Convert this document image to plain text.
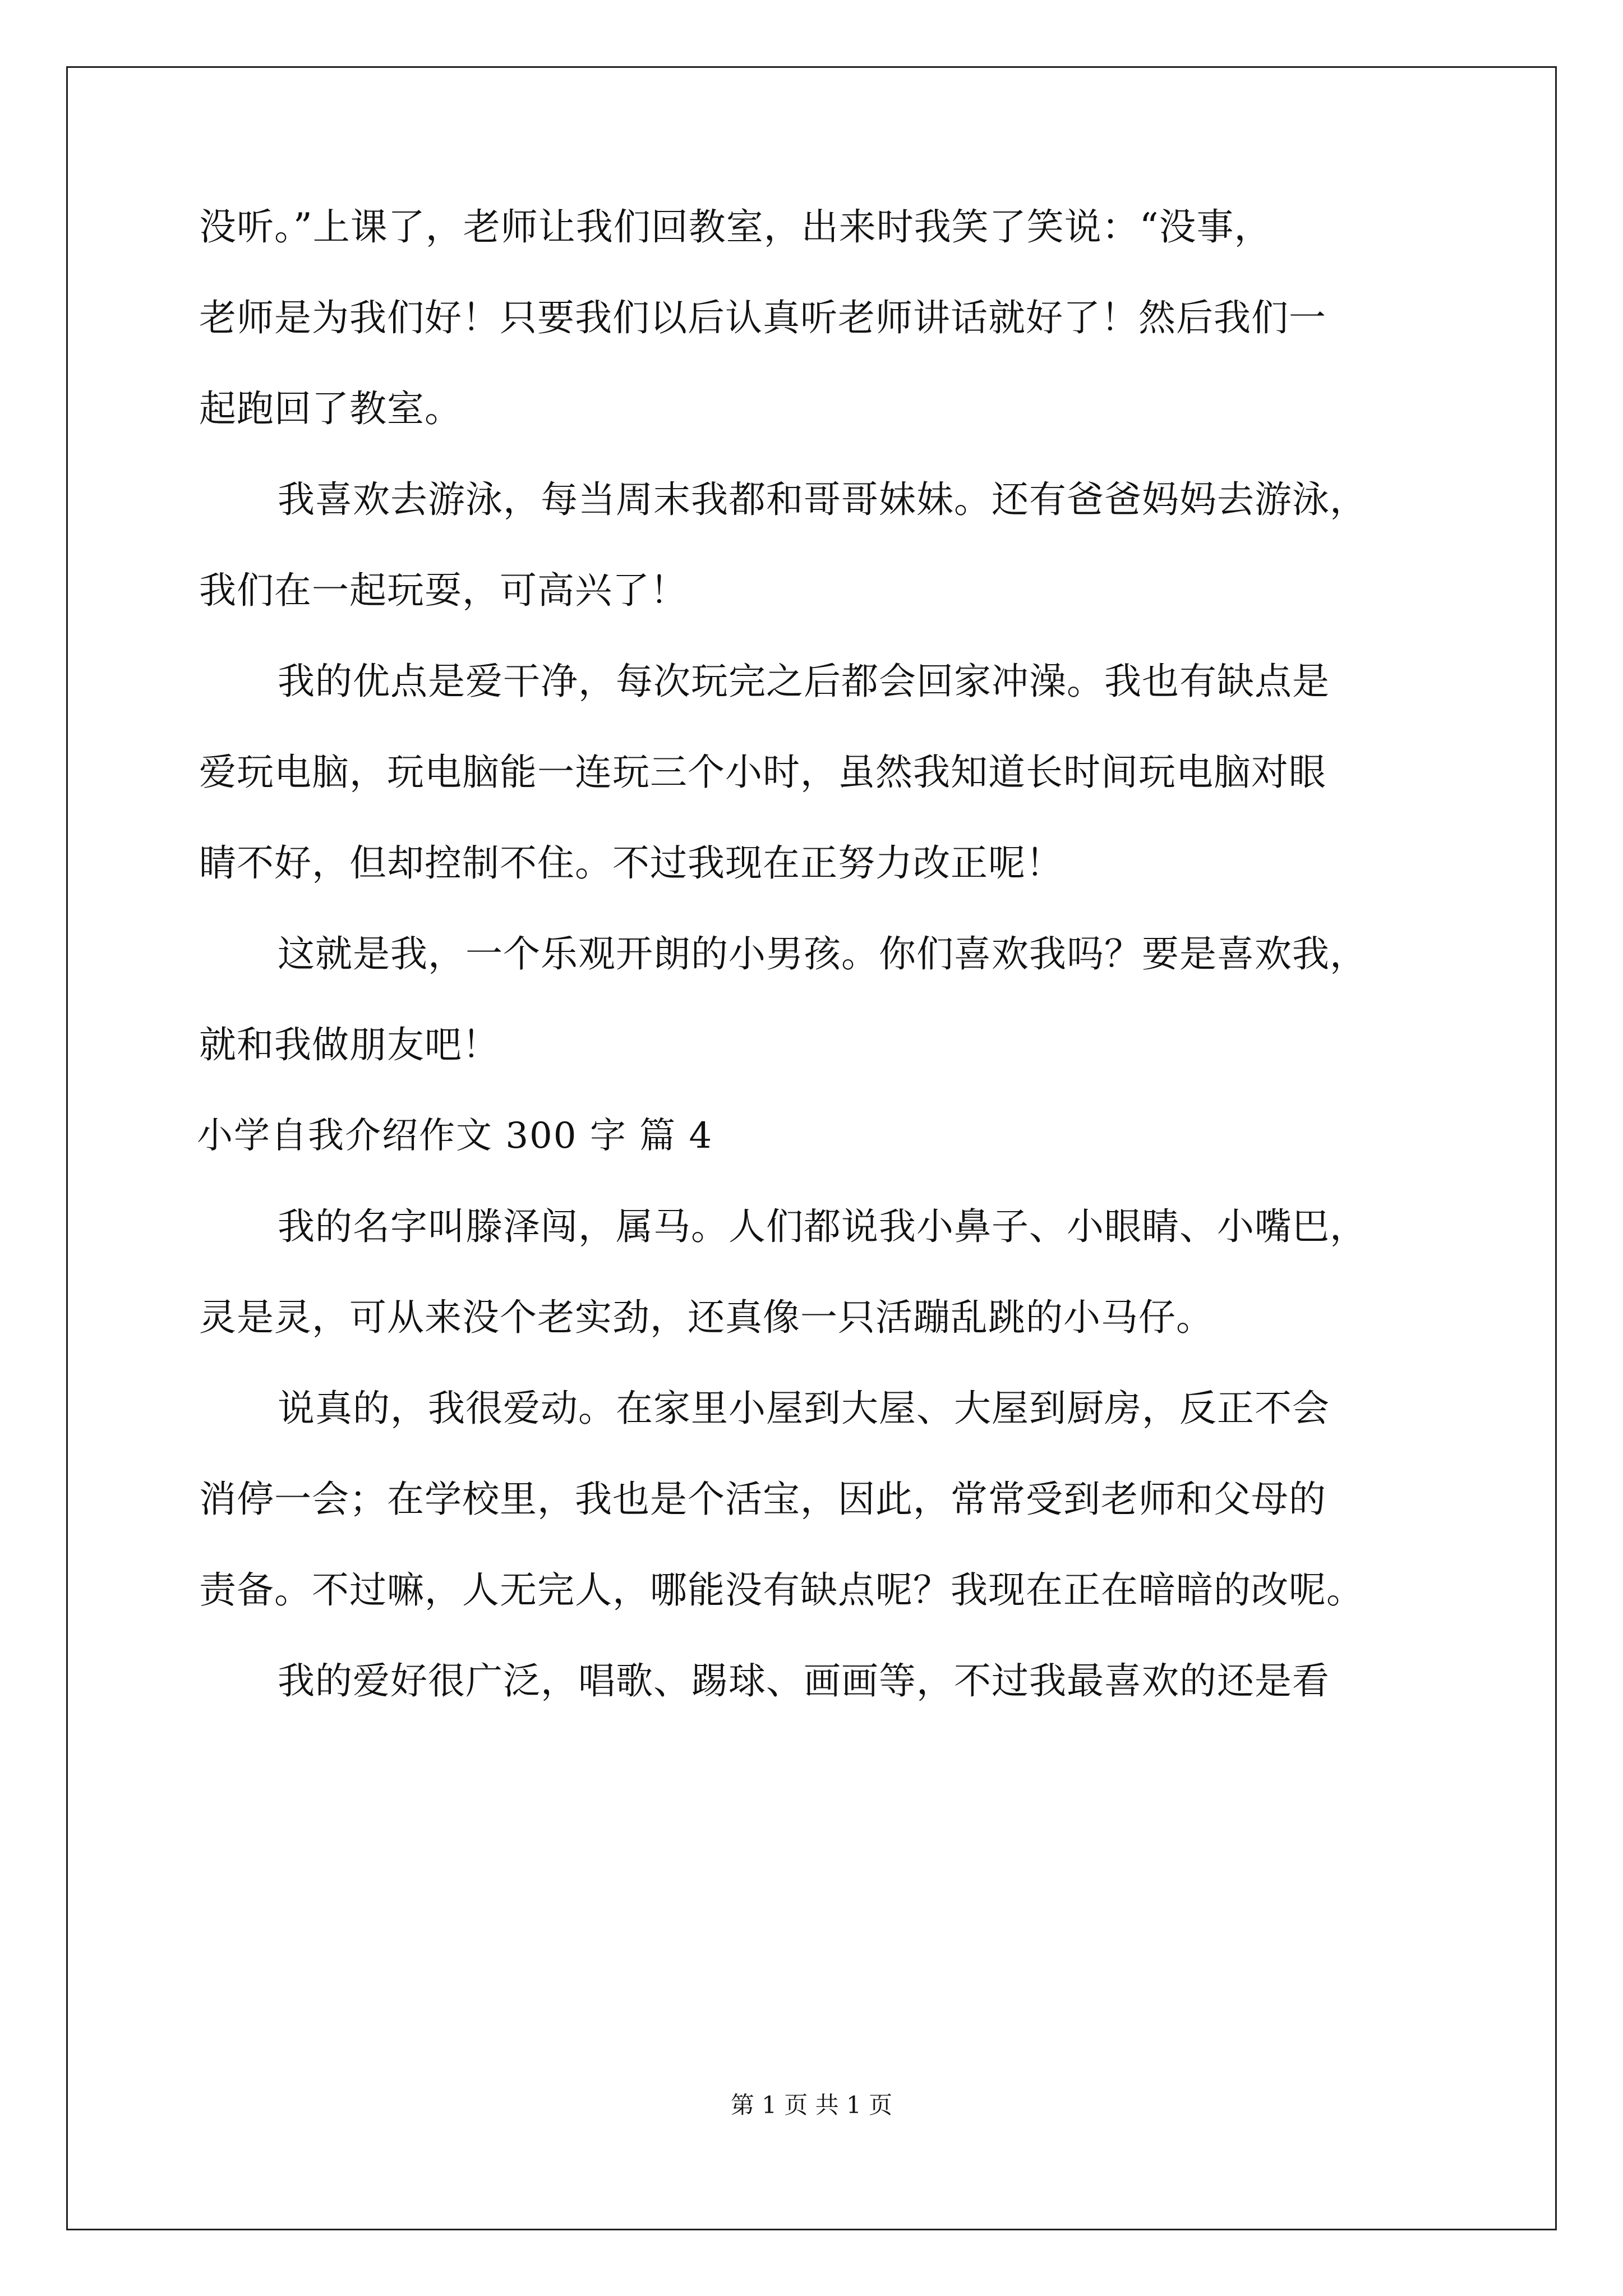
没听。”上课了，老师让我们回教室，出来时我笑了笑说：“没事，

老师是为我们好！只要我们以后认真听老师讲话就好了！然后我们一

起跑回了教室。

我喜欢去游泳，每当周末我都和哥哥妹妹。还有爸爸妈妈去游泳，

我们在一起玩耍，可高兴了！

我的优点是爱干净，每次玩完之后都会回家冲澡。我也有缺点是

爱玩电脑，玩电脑能一连玩三个小时，虽然我知道长时间玩电脑对眼

睛不好，但却控制不住。不过我现在正努力改正呢！

这就是我，一个乐观开朗的小男孩。你们喜欢我吗？要是喜欢我，

就和我做朋友吧！

小学自我介绍作文 300 字 篇 4

我的名字叫滕泽闯，属马。人们都说我小鼻子、小眼睛、小嘴巴，

灵是灵，可从来没个老实劲，还真像一只活蹦乱跳的小马仔。

说真的，我很爱动。在家里小屋到大屋、大屋到厨房，反正不会

消停一会；在学校里，我也是个活宝，因此，常常受到老师和父母的

责备。不过嘛，人无完人，哪能没有缺点呢？我现在正在暗暗的改呢。

我的爱好很广泛，唱歌、踢球、画画等，不过我最喜欢的还是看

第 1 页 共 1 页
